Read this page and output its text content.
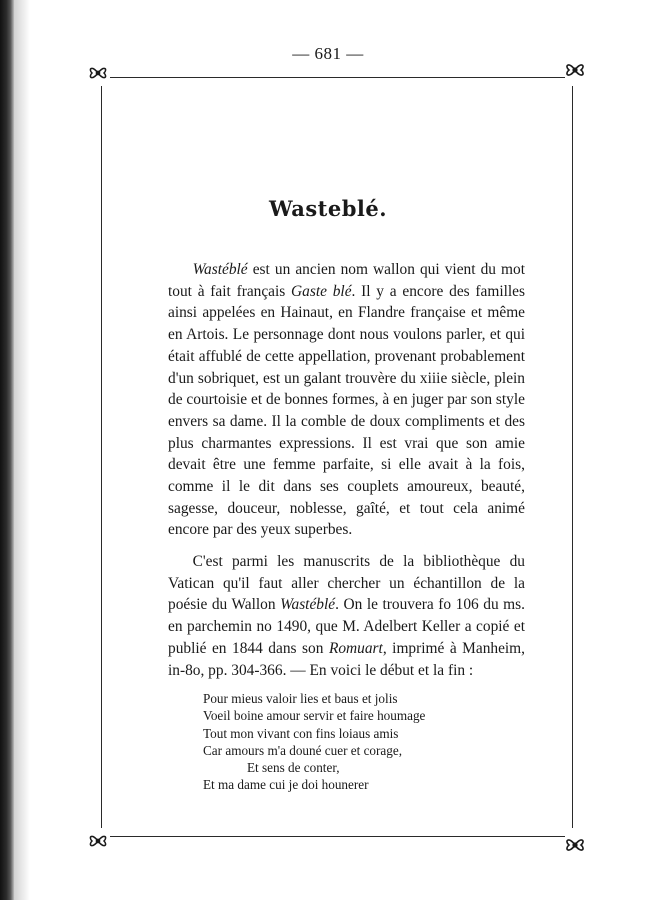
— 681 —
Wasteblé.

Wastéblé est un ancien nom wallon qui vient du mot tout à fait français Gaste blé. Il y a encore des familles ainsi appelées en Hainaut, en Flandre française et même en Artois. Le personnage dont nous voulons parler, et qui était affublé de cette appellation, provenant probablement d'un sobriquet, est un galant trouvère du xiiie siècle, plein de courtoisie et de bonnes formes, à en juger par son style envers sa dame. Il la comble de doux compliments et des plus charmantes expressions. Il est vrai que son amie devait être une femme parfaite, si elle avait à la fois, comme il le dit dans ses couplets amoureux, beauté, sagesse, douceur, noblesse, gaîté, et tout cela animé encore par des yeux superbes.

C'est parmi les manuscrits de la bibliothèque du Vatican qu'il faut aller chercher un échantillon de la poésie du Wallon Wastéblé. On le trouvera fo 106 du ms. en parchemin no 1490, que M. Adelbert Keller a copié et publié en 1844 dans son Romuart, imprimé à Manheim, in-8o, pp. 304-366. — En voici le début et la fin :

Pour mieus valoir lies et baus et jolis
Voeil boine amour servir et faire houmage
Tout mon vivant con fins loiaus amis
Car amours m'a douné cuer et corage,
Et sens de conter,
Et ma dame cui je doi hounerer
